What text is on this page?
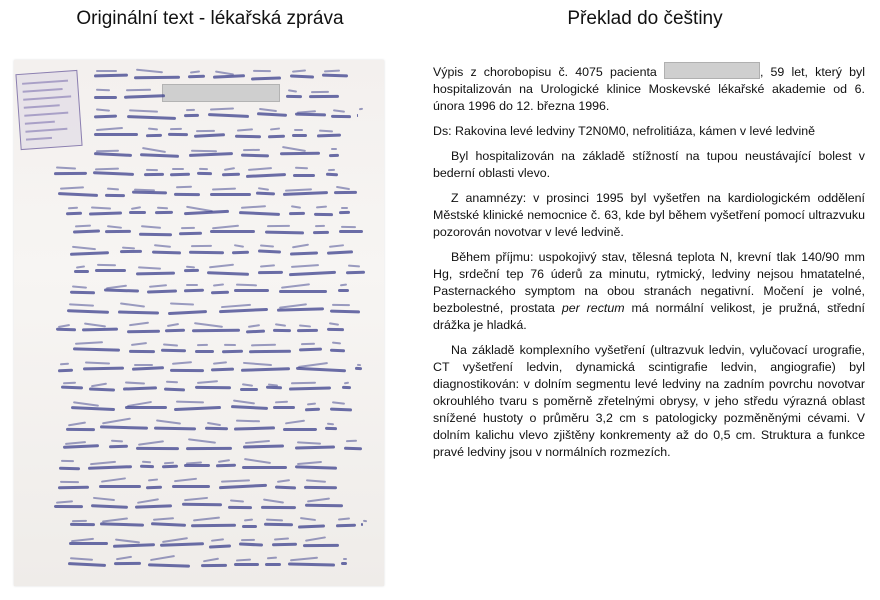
Originální text - lékařská zpráva	Překlad do češtiny

Výpis z chorobopisu č. 4075 pacienta	, 59 let, který byl hospitalizován na Urologické klinice Moskevské lékařské akademie od 6. února 1996 do 12. března 1996.

Ds: Rakovina levé ledviny T2N0M0, nefrolitiáza, kámen v levé ledvině

Byl hospitalizován na základě stížností na tupou neustávající bolest v bederní oblasti vlevo.

Z anamnézy: v prosinci 1995 byl vyšetřen na kardiologickém oddělení Městské klinické nemocnice č. 63, kde byl během vyšetření pomocí ultrazvuku pozorován novotvar v levé ledvině.

Během příjmu: uspokojivý stav, tělesná teplota N, krevní tlak 140/90 mm Hg, srdeční tep 76 úderů za minutu, rytmický, ledviny nejsou hmatatelné, Pasternackého symptom na obou stranách negativní. Močení je volné, bezbolestné, prostata per rectum má normální velikost, je pružná, střední drážka je hladká.

Na základě komplexního vyšetření (ultrazvuk ledvin, vylučovací urografie, CT vyšetření ledvin, dynamická scintigrafie ledvin, angiografie) byl diagnostikován: v dolním segmentu levé ledviny na zadním povrchu novotvar okrouhlého tvaru s poměrně zřetelnými obrysy, v jeho středu výrazná oblast snížené hustoty o průměru 3,2 cm s patologicky pozměněnými cévami. V dolním kalichu vlevo zjištěny konkrementy až do 0,5 cm. Struktura a funkce pravé ledviny jsou v normálních rozmezích.
